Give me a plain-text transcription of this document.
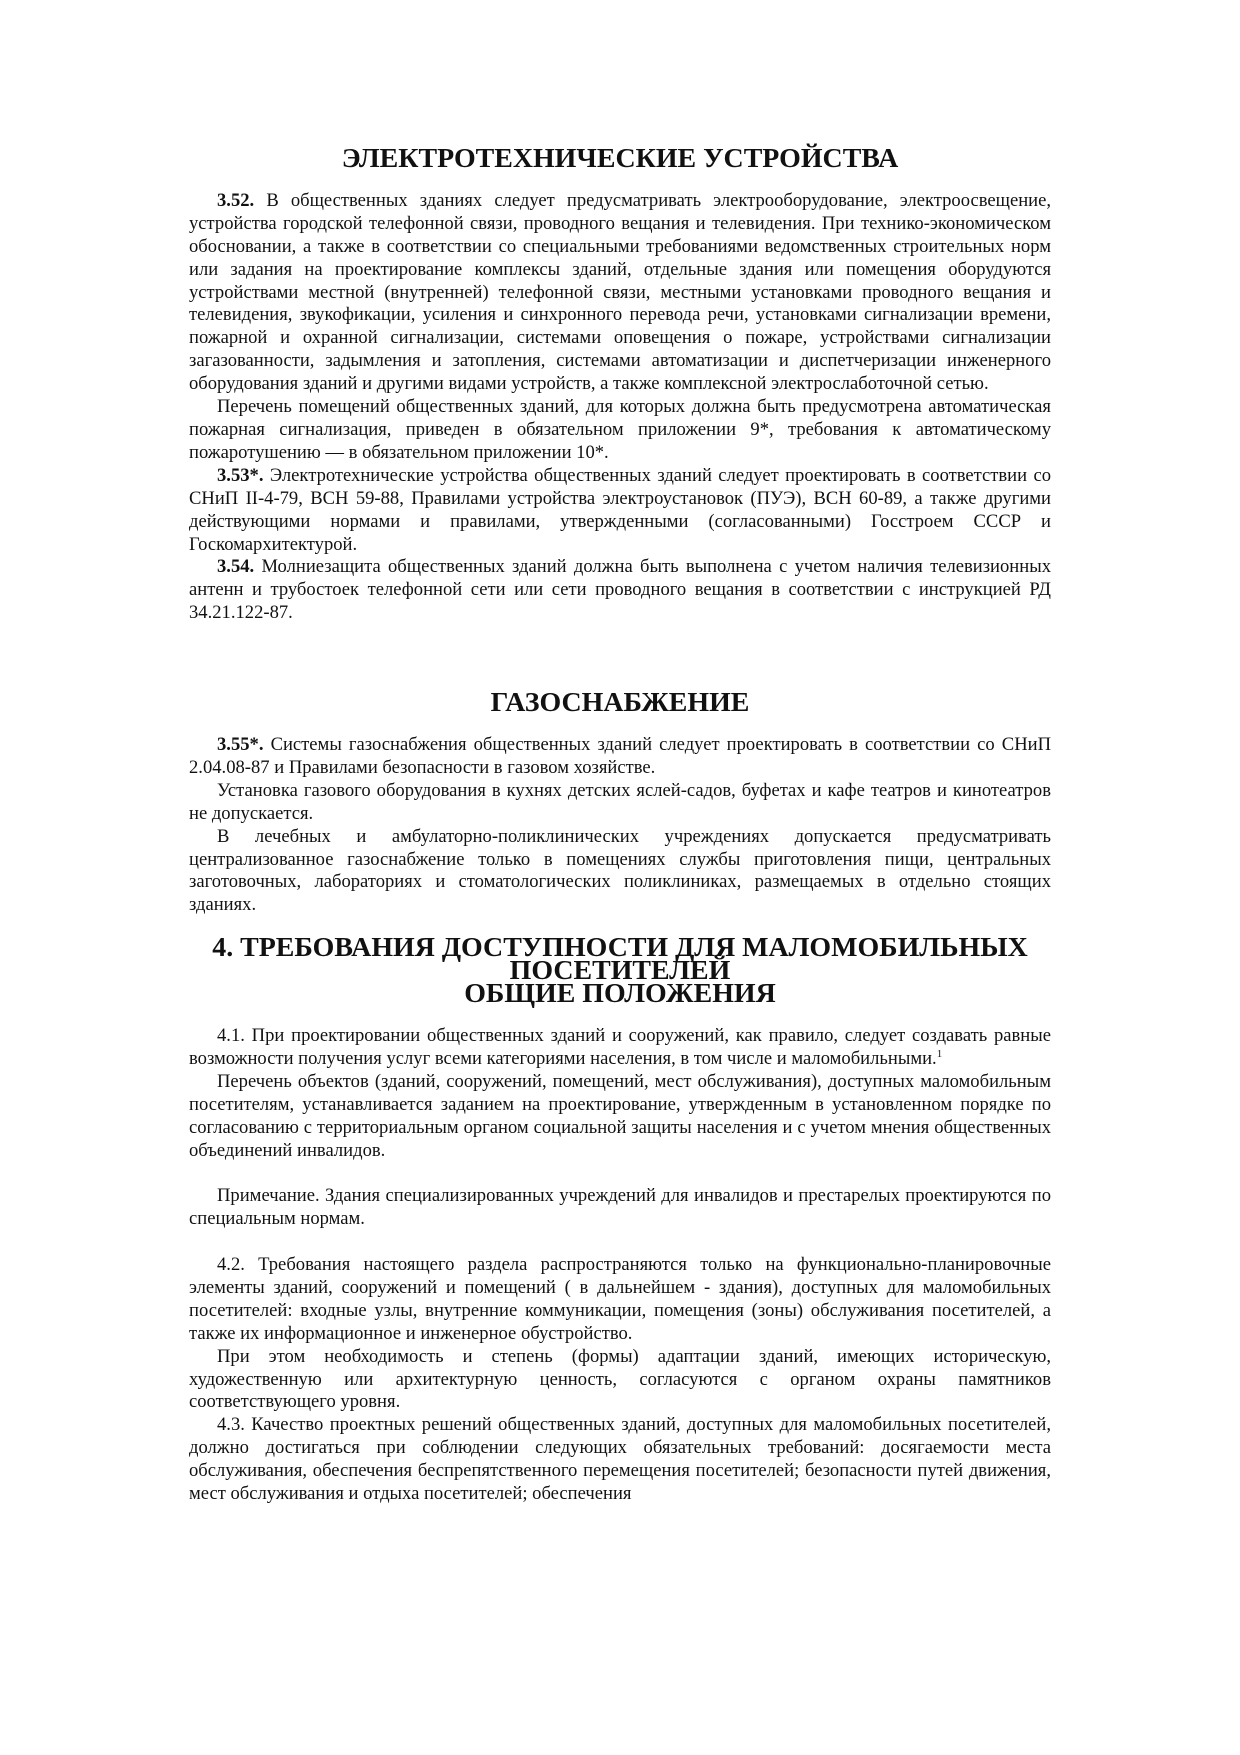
ЭЛЕКТРОТЕХНИЧЕСКИЕ УСТРОЙСТВА

3.52. В общественных зданиях следует предусматривать электрооборудование, электроосвещение, устройства городской телефонной связи, проводного вещания и телевидения. При технико-экономическом обосновании, а также в соответствии со специальными требованиями ведомственных строительных норм или задания на проектирование комплексы зданий, отдельные здания или помещения оборудуются устройствами местной (внутренней) телефонной связи, местными установками проводного вещания и телевидения, звукофикации, усиления и синхронного перевода речи, установками сигнализации времени, пожарной и охранной сигнализации, системами оповещения о пожаре, устройствами сигнализации загазованности, задымления и затопления, системами автоматизации и диспетчеризации инженерного оборудования зданий и другими видами устройств, а также комплексной электрослаботочной сетью.

Перечень помещений общественных зданий, для которых должна быть предусмотрена автоматическая пожарная сигнализация, приведен в обязательном приложении 9*, требования к автоматическому пожаротушению — в обязательном приложении 10*.

3.53*. Электротехнические устройства общественных зданий следует проектировать в соответствии со СНиП II-4-79, ВСН 59-88, Правилами устройства электроустановок (ПУЭ), ВСН 60-89, а также другими действующими нормами и правилами, утвержденными (согласованными) Госстроем СССР и Госкомархитектурой.

3.54. Молниезащита общественных зданий должна быть выполнена с учетом наличия телевизионных антенн и трубостоек телефонной сети или сети проводного вещания в соответствии с инструкцией РД 34.21.122-87.

ГАЗОСНАБЖЕНИЕ

3.55*. Системы газоснабжения общественных зданий следует проектировать в соответствии со СНиП 2.04.08-87 и Правилами безопасности в газовом хозяйстве.

Установка газового оборудования в кухнях детских яслей-садов, буфетах и кафе театров и кинотеатров не допускается.

В лечебных и амбулаторно-поликлинических учреждениях допускается предусматривать централизованное газоснабжение только в помещениях службы приготовления пищи, центральных заготовочных, лабораториях и стоматологических поликлиниках, размещаемых в отдельно стоящих зданиях.

4. ТРЕБОВАНИЯ ДОСТУПНОСТИ ДЛЯ МАЛОМОБИЛЬНЫХ ПОСЕТИТЕЛЕЙ
ОБЩИЕ ПОЛОЖЕНИЯ

4.1. При проектировании общественных зданий и сооружений, как правило, следует создавать равные возможности получения услуг всеми категориями населения, в том числе и маломобильными.$^1$

Перечень объектов (зданий, сооружений, помещений, мест обслуживания), доступных маломобильным посетителям, устанавливается заданием на проектирование, утвержденным в установленном порядке по согласованию с территориальным органом социальной защиты населения и с учетом мнения общественных объединений инвалидов.

Примечание. Здания специализированных учреждений для инвалидов и престарелых проектируются по специальным нормам.

4.2. Требования настоящего раздела распространяются только на функционально-планировочные элементы зданий, сооружений и помещений ( в дальнейшем - здания), доступных для маломобильных посетителей: входные узлы, внутренние коммуникации, помещения (зоны) обслуживания посетителей, а также их информационное и инженерное обустройство.

При этом необходимость и степень (формы) адаптации зданий, имеющих историческую, художественную или архитектурную ценность, согласуются с органом охраны памятников соответствующего уровня.

4.3. Качество проектных решений общественных зданий, доступных для маломобильных посетителей, должно достигаться при соблюдении следующих обязательных требований: досягаемости места обслуживания, обеспечения беспрепятственного перемещения посетителей; безопасности путей движения, мест обслуживания и отдыха посетителей; обеспечения
